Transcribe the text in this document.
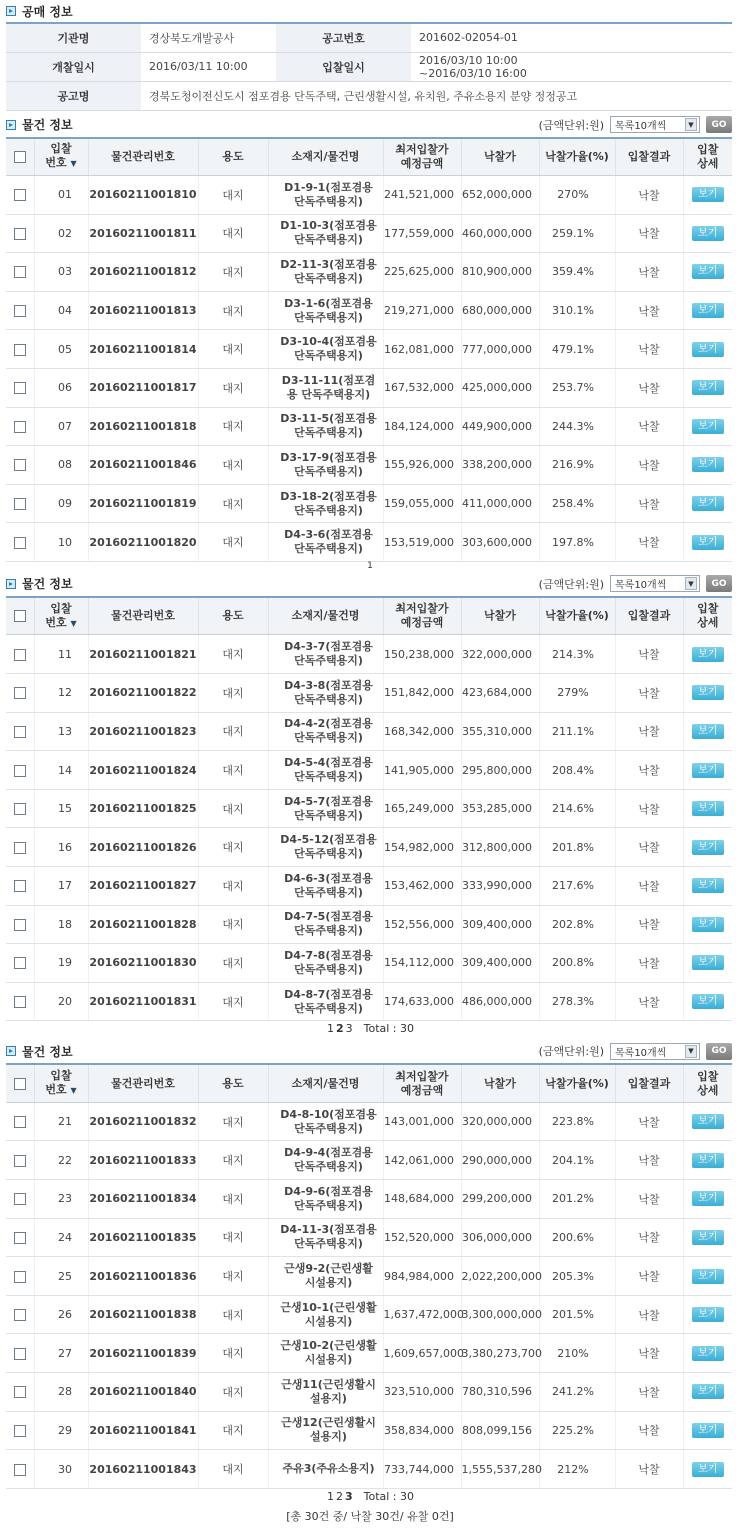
공매 정보
기관명	경상북도개발공사	공고번호	201602-02054-01
개찰일시	2016/03/11 10:00	입찰일시	2016/03/10 10:00
~2016/03/10 16:00

공고명	경북도청이전신도시 점포겸용 단독주택, 근린생활시설, 유치원, 주유소용지 분양 정정공고		
물건 정보	(금액단위:원) 목록10개씩	▼	GO
	입찰
번호 ▼	물건관리번호	용도	소재지/물건명	최저입찰가
예정금액	낙찰가	낙찰가율(%)	입찰결과	입찰
상세
	01	20160211001810	대지	D1-9-1(점포겸용
단독주택용지)	241,521,000	652,000,000	270%	낙찰	보기
	02	20160211001811	대지	D1-10-3(점포겸용
단독주택용지)	177,559,000	460,000,000	259.1%	낙찰	보기
	03	20160211001812	대지	D2-11-3(점포겸용
단독주택용지)	225,625,000	810,900,000	359.4%	낙찰	보기
	04	20160211001813	대지	D3-1-6(점포겸용
단독주택용지)	219,271,000	680,000,000	310.1%	낙찰	보기
	05	20160211001814	대지	D3-10-4(점포겸용
단독주택용지)	162,081,000	777,000,000	479.1%	낙찰	보기
	06	20160211001817	대지	D3-11-11(점포겸
용 단독주택용지)	167,532,000	425,000,000	253.7%	낙찰	보기
	07	20160211001818	대지	D3-11-5(점포겸용
단독주택용지)	184,124,000	449,900,000	244.3%	낙찰	보기
	08	20160211001846	대지	D3-17-9(점포겸용
단독주택용지)	155,926,000	338,200,000	216.9%	낙찰	보기
	09	20160211001819	대지	D3-18-2(점포겸용
단독주택용지)	159,055,000	411,000,000	258.4%	낙찰	보기
	10	20160211001820	대지	D4-3-6(점포겸용
단독주택용지)	153,519,000	303,600,000	197.8%	낙찰	보기
1
물건 정보	(금액단위:원) 목록10개씩	▼	GO
	입찰
번호 ▼	물건관리번호	용도	소재지/물건명	최저입찰가
예정금액	낙찰가	낙찰가율(%)	입찰결과	입찰
상세
	11	20160211001821	대지	D4-3-7(점포겸용
단독주택용지)	150,238,000	322,000,000	214.3%	낙찰	보기
	12	20160211001822	대지	D4-3-8(점포겸용
단독주택용지)	151,842,000	423,684,000	279%	낙찰	보기
	13	20160211001823	대지	D4-4-2(점포겸용
단독주택용지)	168,342,000	355,310,000	211.1%	낙찰	보기
	14	20160211001824	대지	D4-5-4(점포겸용
단독주택용지)	141,905,000	295,800,000	208.4%	낙찰	보기
	15	20160211001825	대지	D4-5-7(점포겸용
단독주택용지)	165,249,000	353,285,000	214.6%	낙찰	보기
	16	20160211001826	대지	D4-5-12(점포겸용
단독주택용지)	154,982,000	312,800,000	201.8%	낙찰	보기
	17	20160211001827	대지	D4-6-3(점포겸용
단독주택용지)	153,462,000	333,990,000	217.6%	낙찰	보기
	18	20160211001828	대지	D4-7-5(점포겸용
단독주택용지)	152,556,000	309,400,000	202.8%	낙찰	보기
	19	20160211001830	대지	D4-7-8(점포겸용
단독주택용지)	154,112,000	309,400,000	200.8%	낙찰	보기
	20	20160211001831	대지	D4-8-7(점포겸용
단독주택용지)	174,633,000	486,000,000	278.3%	낙찰	보기
1 2 3 Total : 30
물건 정보	(금액단위:원) 목록10개씩	▼	GO
	입찰
번호 ▼	물건관리번호	용도	소재지/물건명	최저입찰가
예정금액	낙찰가	낙찰가율(%)	입찰결과	입찰
상세
	21	20160211001832	대지	D4-8-10(점포겸용
단독주택용지)	143,001,000	320,000,000	223.8%	낙찰	보기
	22	20160211001833	대지	D4-9-4(점포겸용
단독주택용지)	142,061,000	290,000,000	204.1%	낙찰	보기
	23	20160211001834	대지	D4-9-6(점포겸용
단독주택용지)	148,684,000	299,200,000	201.2%	낙찰	보기
	24	20160211001835	대지	D4-11-3(점포겸용
단독주택용지)	152,520,000	306,000,000	200.6%	낙찰	보기
	25	20160211001836	대지	근생9-2(근린생활
시설용지)	984,984,000	2,022,200,000	205.3%	낙찰	보기
	26	20160211001838	대지	근생10-1(근린생활
시설용지)	1,637,472,000	3,300,000,000	201.5%	낙찰	보기
	27	20160211001839	대지	근생10-2(근린생활
시설용지)	1,609,657,000	3,380,273,700	210%	낙찰	보기
	28	20160211001840	대지	근생11(근린생활시
설용지)	323,510,000	780,310,596	241.2%	낙찰	보기
	29	20160211001841	대지	근생12(근린생활시
설용지)	358,834,000	808,099,156	225.2%	낙찰	보기
	30	20160211001843	대지	주유3(주유소용지)	733,744,000	1,555,537,280	212%	낙찰	보기
1 2 3 Total : 30
[총 30건 중/ 낙찰 30건/ 유찰 0건]
